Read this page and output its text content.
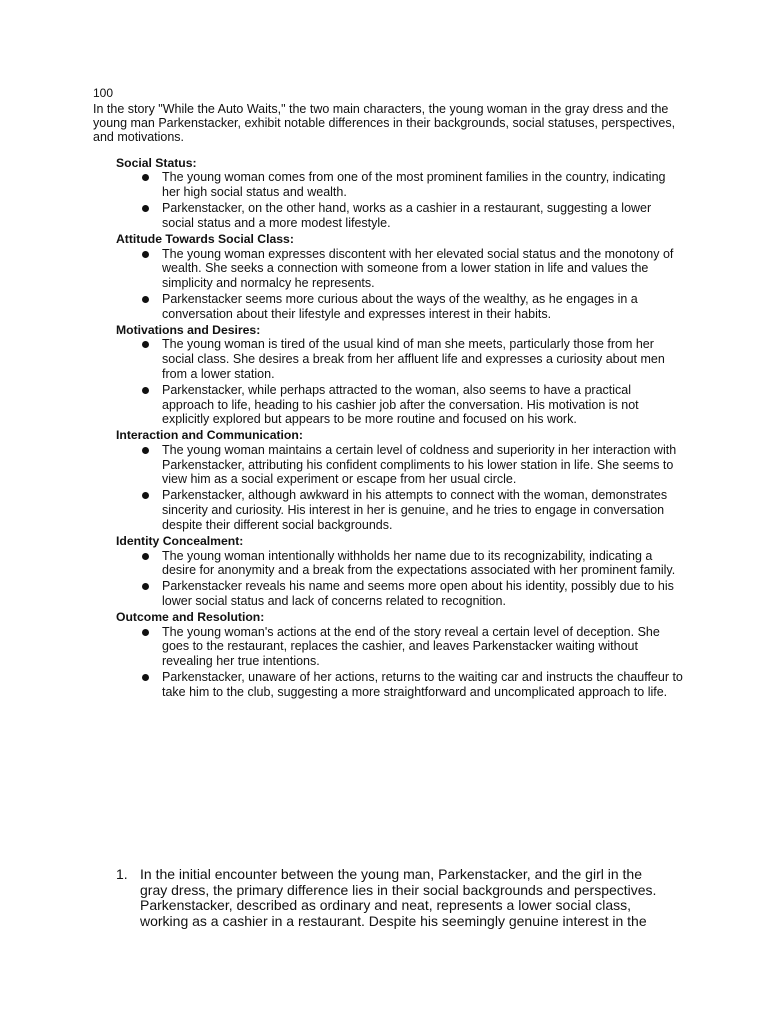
100

In the story "While the Auto Waits," the two main characters, the young woman in the gray dress and the young man Parkenstacker, exhibit notable differences in their backgrounds, social statuses, perspectives, and motivations.

Social Status:

The young woman comes from one of the most prominent families in the country, indicating her high social status and wealth.
Parkenstacker, on the other hand, works as a cashier in a restaurant, suggesting a lower social status and a more modest lifestyle.

Attitude Towards Social Class:

The young woman expresses discontent with her elevated social status and the monotony of wealth. She seeks a connection with someone from a lower station in life and values the simplicity and normalcy he represents.
Parkenstacker seems more curious about the ways of the wealthy, as he engages in a conversation about their lifestyle and expresses interest in their habits.

Motivations and Desires:

The young woman is tired of the usual kind of man she meets, particularly those from her social class. She desires a break from her affluent life and expresses a curiosity about men from a lower station.
Parkenstacker, while perhaps attracted to the woman, also seems to have a practical approach to life, heading to his cashier job after the conversation. His motivation is not explicitly explored but appears to be more routine and focused on his work.

Interaction and Communication:

The young woman maintains a certain level of coldness and superiority in her interaction with Parkenstacker, attributing his confident compliments to his lower station in life. She seems to view him as a social experiment or escape from her usual circle.
Parkenstacker, although awkward in his attempts to connect with the woman, demonstrates sincerity and curiosity. His interest in her is genuine, and he tries to engage in conversation despite their different social backgrounds.

Identity Concealment:

The young woman intentionally withholds her name due to its recognizability, indicating a desire for anonymity and a break from the expectations associated with her prominent family.
Parkenstacker reveals his name and seems more open about his identity, possibly due to his lower social status and lack of concerns related to recognition.

Outcome and Resolution:

The young woman's actions at the end of the story reveal a certain level of deception. She goes to the restaurant, replaces the cashier, and leaves Parkenstacker waiting without revealing her true intentions.
Parkenstacker, unaware of her actions, returns to the waiting car and instructs the chauffeur to take him to the club, suggesting a more straightforward and uncomplicated approach to life.
1. In the initial encounter between the young man, Parkenstacker, and the girl in the gray dress, the primary difference lies in their social backgrounds and perspectives. Parkenstacker, described as ordinary and neat, represents a lower social class, working as a cashier in a restaurant. Despite his seemingly genuine interest in the
